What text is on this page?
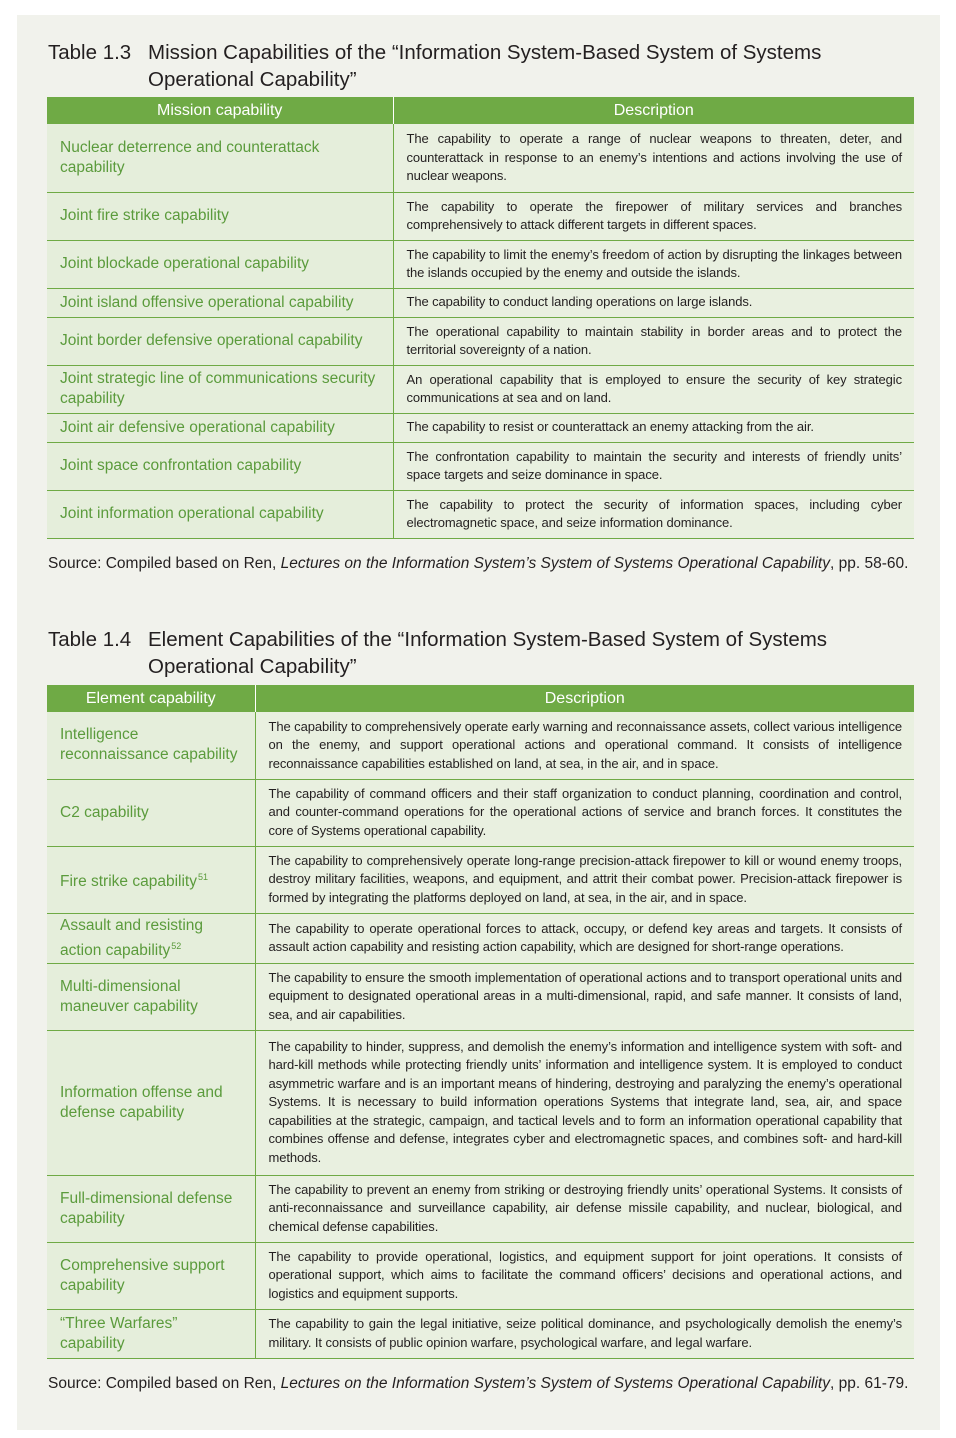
Table 1.3 Mission Capabilities of the “Information System-Based System of Systems Operational Capability”
Mission capability	Description
Nuclear deterrence and counterattack capability	The capability to operate a range of nuclear weapons to threaten, deter, and counterattack in response to an enemy’s intentions and actions involving the use of nuclear weapons.
Joint fire strike capability	The capability to operate the firepower of military services and branches comprehensively to attack different targets in different spaces.
Joint blockade operational capability	The capability to limit the enemy’s freedom of action by disrupting the linkages between the islands occupied by the enemy and outside the islands.
Joint island offensive operational capability	The capability to conduct landing operations on large islands.
Joint border defensive operational capability	The operational capability to maintain stability in border areas and to protect the territorial sovereignty of a nation.
Joint strategic line of communications security capability	An operational capability that is employed to ensure the security of key strategic communications at sea and on land.
Joint air defensive operational capability	The capability to resist or counterattack an enemy attacking from the air.
Joint space confrontation capability	The confrontation capability to maintain the security and interests of friendly units’ space targets and seize dominance in space.
Joint information operational capability	The capability to protect the security of information spaces, including cyber electromagnetic space, and seize information dominance.
Source: Compiled based on Ren, Lectures on the Information System’s System of Systems Operational Capability, pp. 58-60.
Table 1.4 Element Capabilities of the “Information System-Based System of Systems Operational Capability”
Element capability	Description
Intelligence reconnaissance capability	The capability to comprehensively operate early warning and reconnaissance assets, collect various intelligence on the enemy, and support operational actions and operational command. It consists of intelligence reconnaissance capabilities established on land, at sea, in the air, and in space.
C2 capability	The capability of command officers and their staff organization to conduct planning, coordination and control, and counter-command operations for the operational actions of service and branch forces. It constitutes the core of Systems operational capability.
Fire strike capability$^{51}$	The capability to comprehensively operate long-range precision-attack firepower to kill or wound enemy troops, destroy military facilities, weapons, and equipment, and attrit their combat power. Precision-attack firepower is formed by integrating the platforms deployed on land, at sea, in the air, and in space.
Assault and resisting action capability$^{52}$	The capability to operate operational forces to attack, occupy, or defend key areas and targets. It consists of assault action capability and resisting action capability, which are designed for short-range operations.
Multi-dimensional maneuver capability	The capability to ensure the smooth implementation of operational actions and to transport operational units and equipment to designated operational areas in a multi-dimensional, rapid, and safe manner. It consists of land, sea, and air capabilities.
Information offense and defense capability	The capability to hinder, suppress, and demolish the enemy’s information and intelligence system with soft- and hard-kill methods while protecting friendly units’ information and intelligence system. It is employed to conduct asymmetric warfare and is an important means of hindering, destroying and paralyzing the enemy’s operational Systems. It is necessary to build information operations Systems that integrate land, sea, air, and space capabilities at the strategic, campaign, and tactical levels and to form an information operational capability that combines offense and defense, integrates cyber and electromagnetic spaces, and combines soft- and hard-kill methods.
Full-dimensional defense capability	The capability to prevent an enemy from striking or destroying friendly units’ operational Systems. It consists of anti-reconnaissance and surveillance capability, air defense missile capability, and nuclear, biological, and chemical defense capabilities.
Comprehensive support capability	The capability to provide operational, logistics, and equipment support for joint operations. It consists of operational support, which aims to facilitate the command officers’ decisions and operational actions, and logistics and equipment supports.
“Three Warfares” capability	The capability to gain the legal initiative, seize political dominance, and psychologically demolish the enemy’s military. It consists of public opinion warfare, psychological warfare, and legal warfare.
Source: Compiled based on Ren, Lectures on the Information System’s System of Systems Operational Capability, pp. 61-79.
